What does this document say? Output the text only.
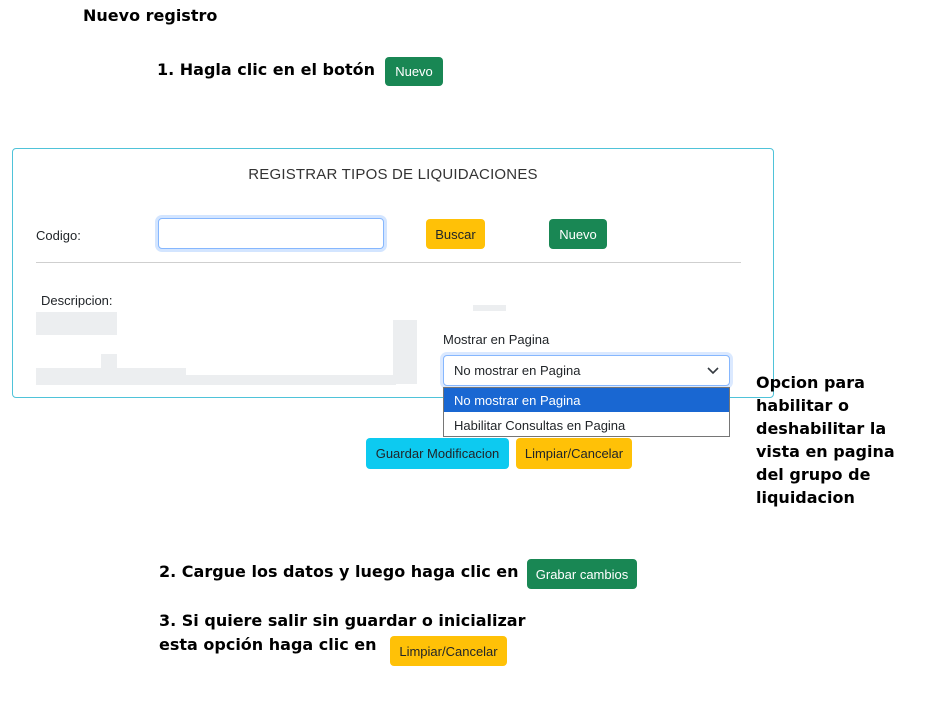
Nuevo registro
1. Hagla clic en el botón	Nuevo
REGISTRAR TIPOS DE LIQUIDACIONES
Codigo:	Buscar	Nuevo
Descripcion:
Mostrar en Pagina
No mostrar en Pagina
No mostrar en Pagina
Habilitar Consultas en Pagina
Guardar Modificacion	Limpiar/Cancelar
Opcion para
habilitar o
deshabilitar la
vista en pagina
del grupo de
liquidacion
2. Cargue los datos y luego haga clic en	Grabar cambios
3. Si quiere salir sin guardar o inicializar
esta opción haga clic en	Limpiar/Cancelar
